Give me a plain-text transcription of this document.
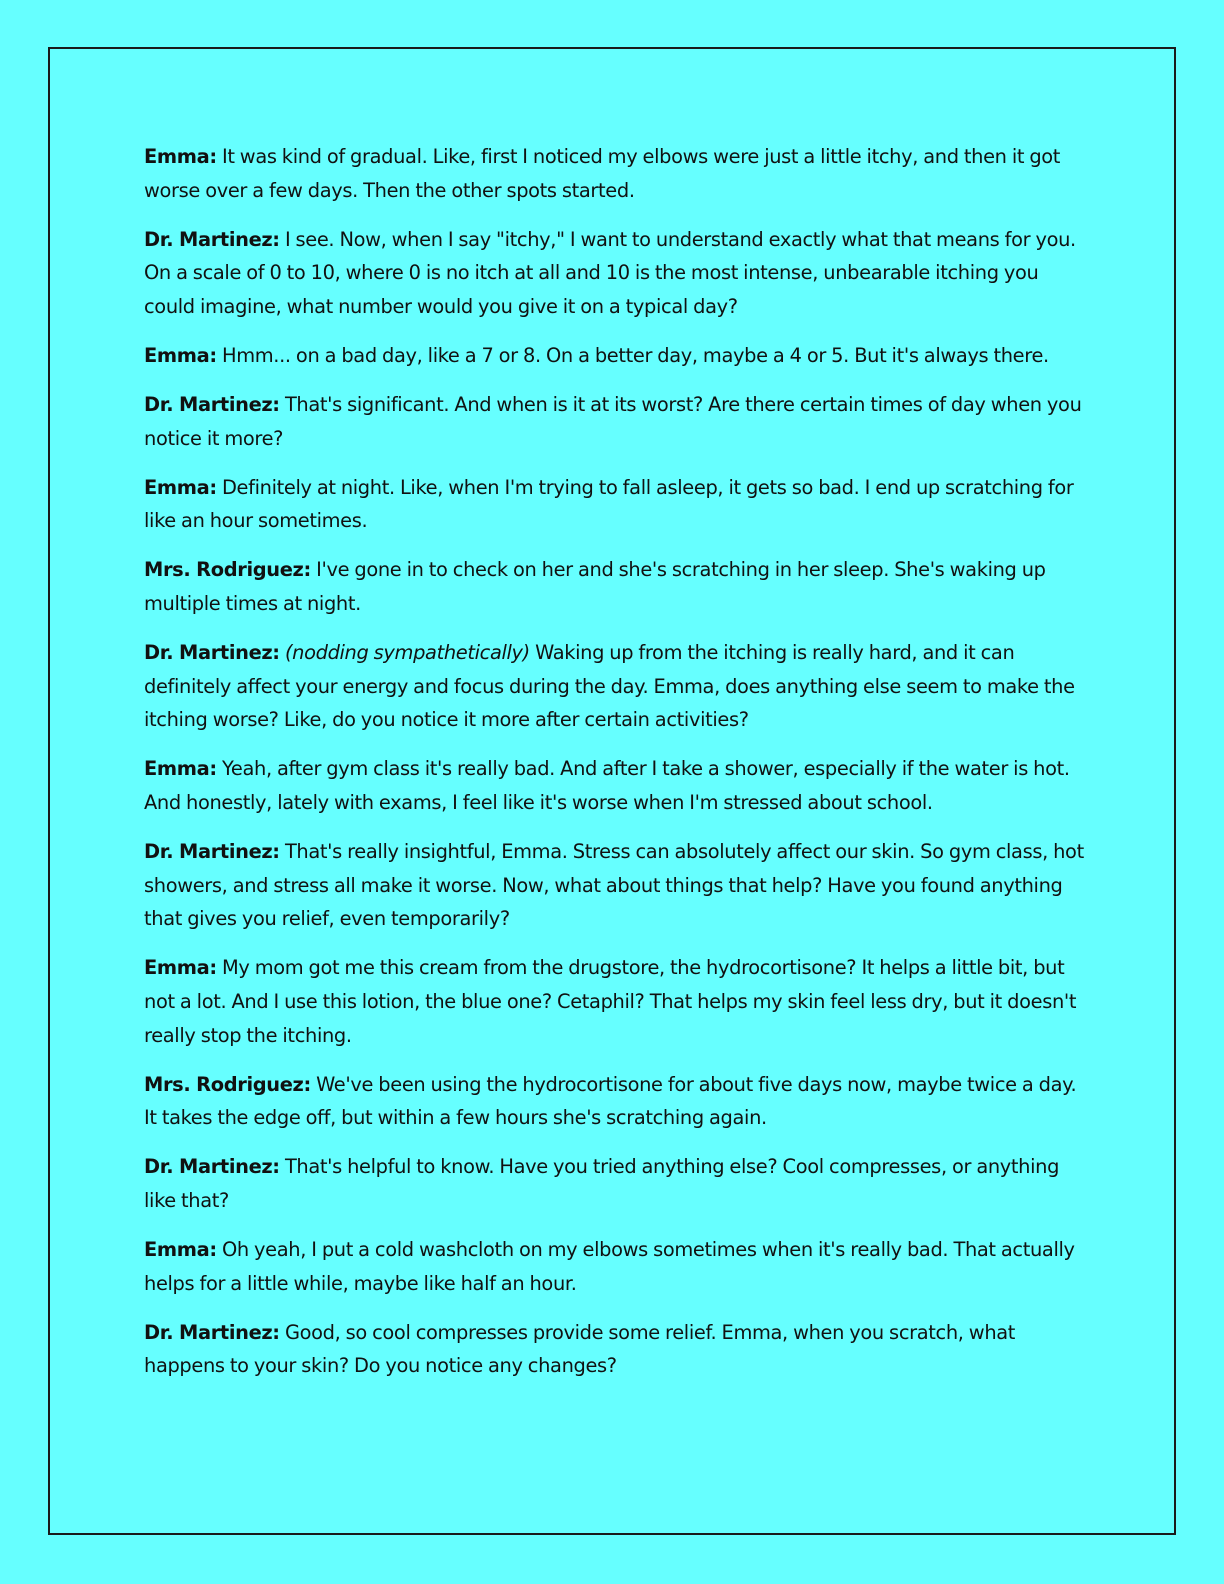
Emma: It was kind of gradual. Like, first I noticed my elbows were just a little itchy, and then it got worse over a few days. Then the other spots started.

Dr. Martinez: I see. Now, when I say "itchy," I want to understand exactly what that means for you. On a scale of 0 to 10, where 0 is no itch at all and 10 is the most intense, unbearable itching you could imagine, what number would you give it on a typical day?

Emma: Hmm... on a bad day, like a 7 or 8. On a better day, maybe a 4 or 5. But it's always there.

Dr. Martinez: That's significant. And when is it at its worst? Are there certain times of day when you notice it more?

Emma: Definitely at night. Like, when I'm trying to fall asleep, it gets so bad. I end up scratching for like an hour sometimes.

Mrs. Rodriguez: I've gone in to check on her and she's scratching in her sleep. She's waking up multiple times at night.

Dr. Martinez: (nodding sympathetically) Waking up from the itching is really hard, and it can definitely affect your energy and focus during the day. Emma, does anything else seem to make the itching worse? Like, do you notice it more after certain activities?

Emma: Yeah, after gym class it's really bad. And after I take a shower, especially if the water is hot. And honestly, lately with exams, I feel like it's worse when I'm stressed about school.

Dr. Martinez: That's really insightful, Emma. Stress can absolutely affect our skin. So gym class, hot showers, and stress all make it worse. Now, what about things that help? Have you found anything that gives you relief, even temporarily?

Emma: My mom got me this cream from the drugstore, the hydrocortisone? It helps a little bit, but not a lot. And I use this lotion, the blue one? Cetaphil? That helps my skin feel less dry, but it doesn't really stop the itching.

Mrs. Rodriguez: We've been using the hydrocortisone for about five days now, maybe twice a day. It takes the edge off, but within a few hours she's scratching again.

Dr. Martinez: That's helpful to know. Have you tried anything else? Cool compresses, or anything like that?

Emma: Oh yeah, I put a cold washcloth on my elbows sometimes when it's really bad. That actually helps for a little while, maybe like half an hour.

Dr. Martinez: Good, so cool compresses provide some relief. Emma, when you scratch, what happens to your skin? Do you notice any changes?
